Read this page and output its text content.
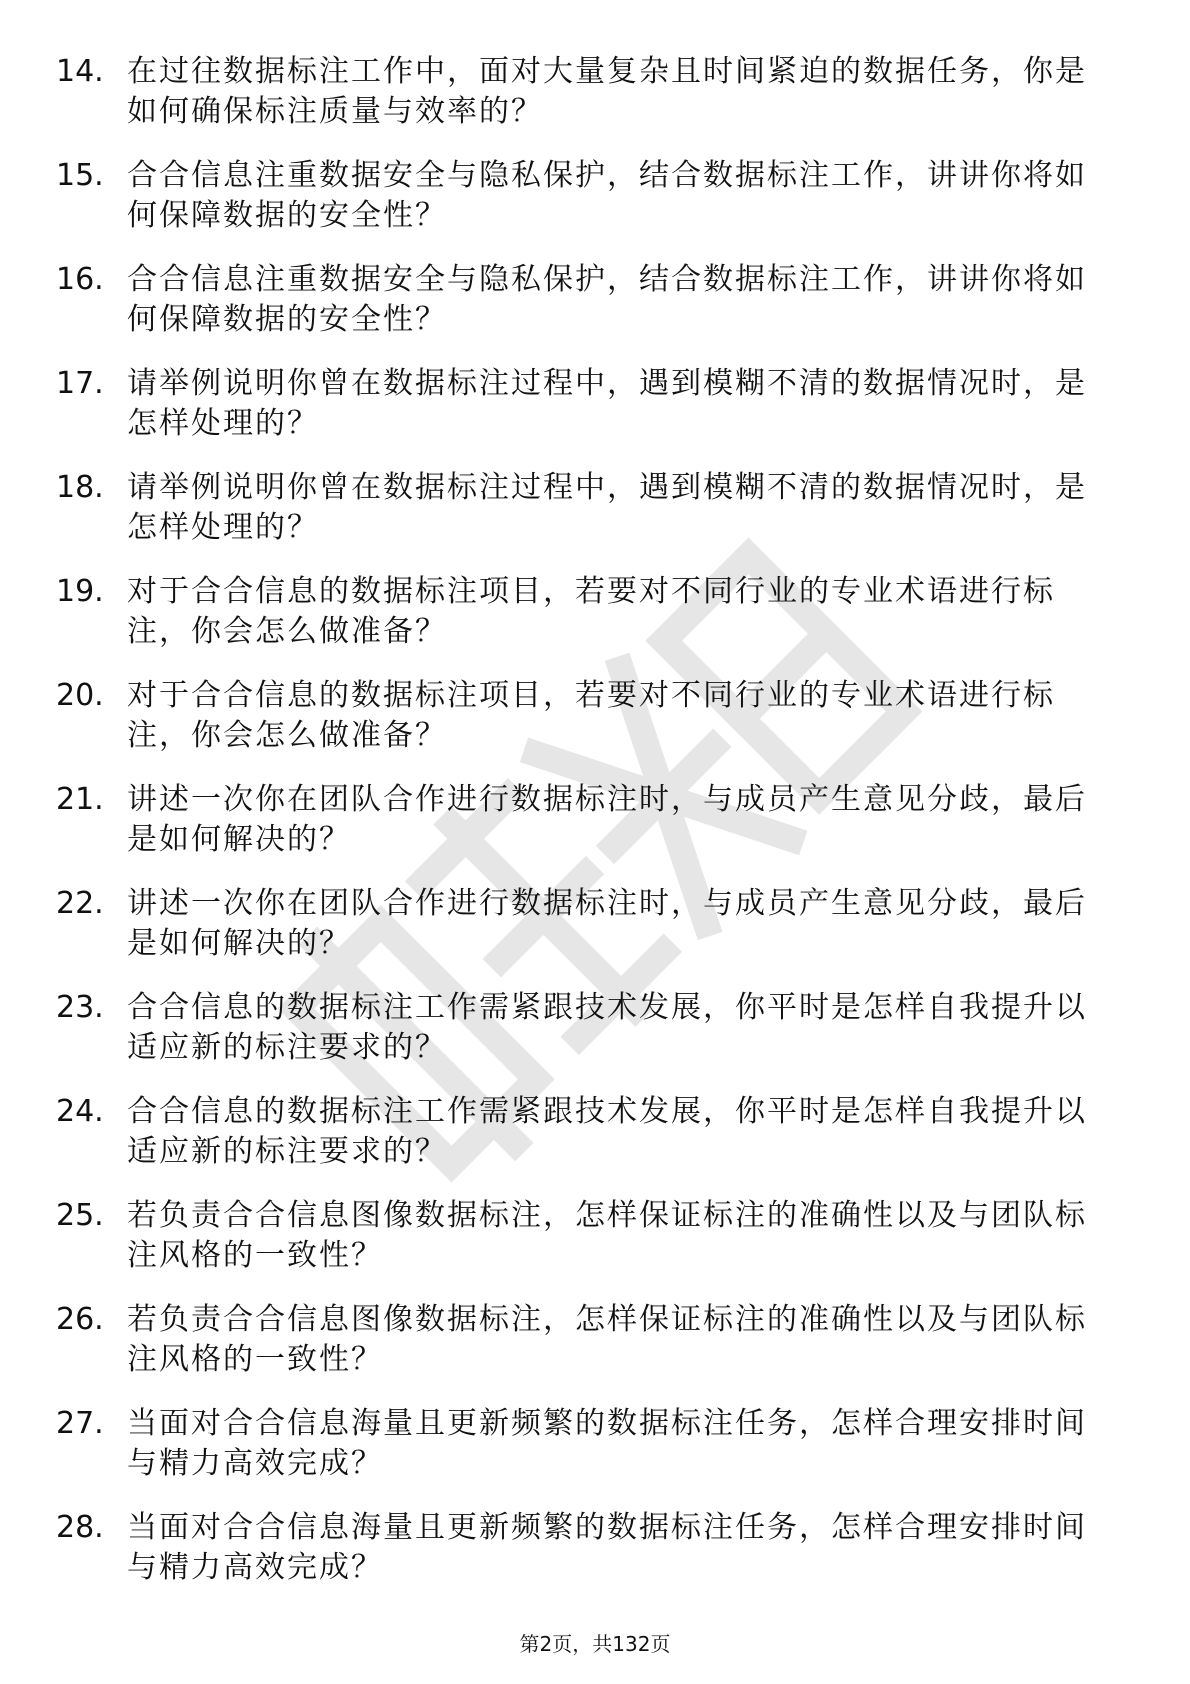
14. 在过往数据标注工作中，面对大量复杂且时间紧迫的数据任务，你是如何确保标注质量与效率的？
15. 合合信息注重数据安全与隐私保护，结合数据标注工作，讲讲你将如何保障数据的安全性？
16. 合合信息注重数据安全与隐私保护，结合数据标注工作，讲讲你将如何保障数据的安全性？
17. 请举例说明你曾在数据标注过程中，遇到模糊不清的数据情况时，是怎样处理的？
18. 请举例说明你曾在数据标注过程中，遇到模糊不清的数据情况时，是怎样处理的？
19. 对于合合信息的数据标注项目，若要对不同行业的专业术语进行标注，你会怎么做准备？
20. 对于合合信息的数据标注项目，若要对不同行业的专业术语进行标注，你会怎么做准备？
21. 讲述一次你在团队合作进行数据标注时，与成员产生意见分歧，最后是如何解决的？
22. 讲述一次你在团队合作进行数据标注时，与成员产生意见分歧，最后是如何解决的？
23. 合合信息的数据标注工作需紧跟技术发展，你平时是怎样自我提升以适应新的标注要求的？
24. 合合信息的数据标注工作需紧跟技术发展，你平时是怎样自我提升以适应新的标注要求的？
25. 若负责合合信息图像数据标注，怎样保证标注的准确性以及与团队标注风格的一致性？
26. 若负责合合信息图像数据标注，怎样保证标注的准确性以及与团队标注风格的一致性？
27. 当面对合合信息海量且更新频繁的数据标注任务，怎样合理安排时间与精力高效完成？
28. 当面对合合信息海量且更新频繁的数据标注任务，怎样合理安排时间与精力高效完成？
第2页，共132页
